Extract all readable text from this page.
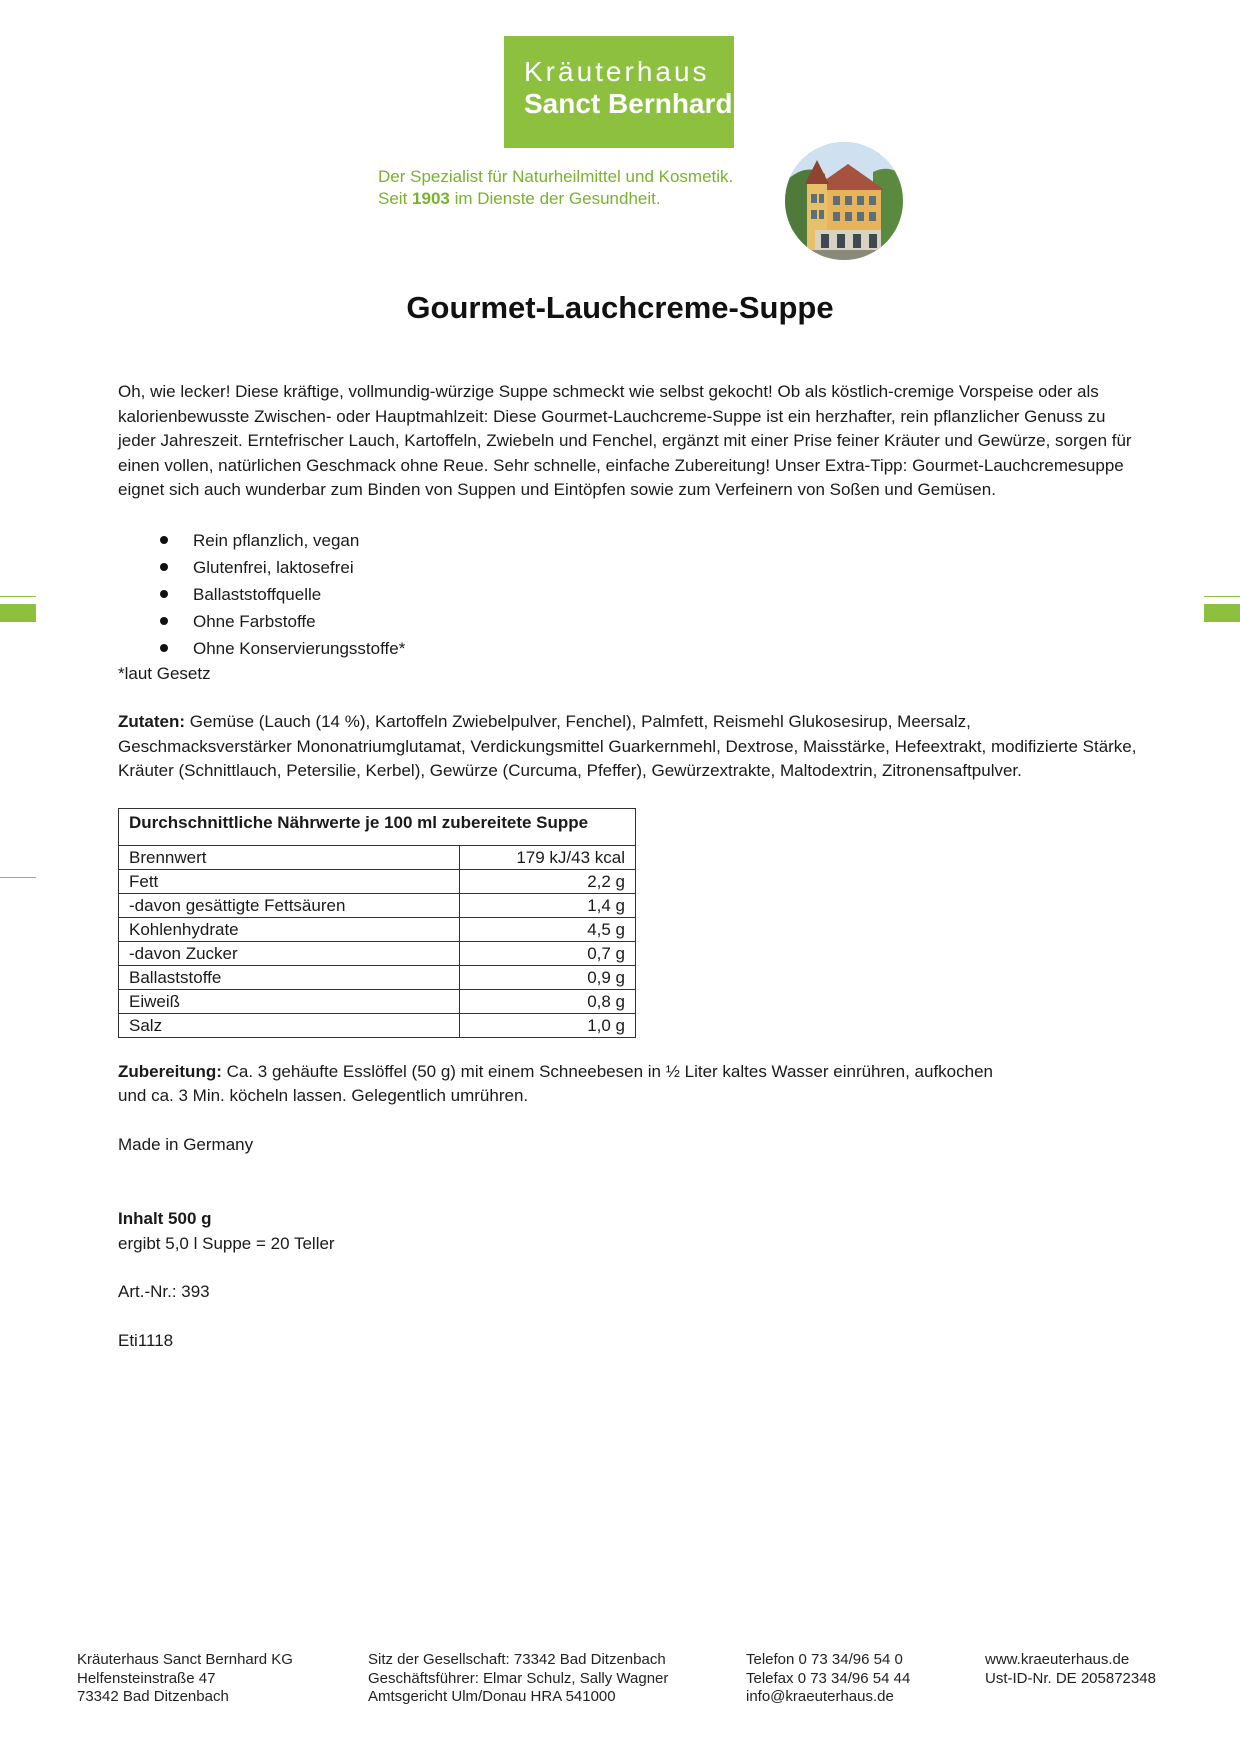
Kräuterhaus
Sanct Bernhard
Der Spezialist für Naturheilmittel und Kosmetik.
Seit 1903 im Dienste der Gesundheit.
Gourmet-Lauchcreme-Suppe

Oh, wie lecker! Diese kräftige, vollmundig-würzige Suppe schmeckt wie selbst gekocht! Ob als köstlich-cremige Vorspeise oder als kalorienbewusste Zwischen- oder Hauptmahlzeit: Diese Gourmet-Lauchcreme-Suppe ist ein herzhafter, rein pflanzlicher Genuss zu jeder Jahreszeit. Erntefrischer Lauch, Kartoffeln, Zwiebeln und Fenchel, ergänzt mit einer Prise feiner Kräuter und Gewürze, sorgen für einen vollen, natürlichen Geschmack ohne Reue. Sehr schnelle, einfache Zubereitung! Unser Extra-Tipp: Gourmet-Lauchcremesuppe eignet sich auch wunderbar zum Binden von Suppen und Eintöpfen sowie zum Verfeinern von Soßen und Gemüsen.

Rein pflanzlich, vegan
Glutenfrei, laktosefrei
Ballaststoffquelle
Ohne Farbstoffe
Ohne Konservierungsstoffe*

*laut Gesetz

Zutaten: Gemüse (Lauch (14 %), Kartoffeln Zwiebelpulver, Fenchel), Palmfett, Reismehl Glukosesirup, Meersalz, Geschmacksverstärker Mononatriumglutamat, Verdickungsmittel Guarkernmehl, Dextrose, Maisstärke, Hefeextrakt, modifizierte Stärke, Kräuter (Schnittlauch, Petersilie, Kerbel), Gewürze (Curcuma, Pfeffer), Gewürzextrakte, Maltodextrin, Zitronensaftpulver.

Durchschnittliche Nährwerte je 100 ml zubereitete Suppe	
Brennwert	179 kJ/43 kcal
Fett	2,2 g
-davon gesättigte Fettsäuren	1,4 g
Kohlenhydrate	4,5 g
-davon Zucker	0,7 g
Ballaststoffe	0,9 g
Eiweiß	0,8 g
Salz	1,0 g

Zubereitung: Ca. 3 gehäufte Esslöffel (50 g) mit einem Schneebesen in ½ Liter kaltes Wasser einrühren, aufkochen
und ca. 3 Min. köcheln lassen. Gelegentlich umrühren.

Made in Germany

Inhalt 500 g

ergibt 5,0 l Suppe = 20 Teller

Art.-Nr.: 393

Eti1118

Kräuterhaus Sanct Bernhard KG
Helfensteinstraße 47
73342 Bad Ditzenbach
Sitz der Gesellschaft: 73342 Bad Ditzenbach
Geschäftsführer: Elmar Schulz, Sally Wagner
Amtsgericht Ulm/Donau HRA 541000
Telefon 0 73 34/96 54 0
Telefax 0 73 34/96 54 44
info@kraeuterhaus.de
www.kraeuterhaus.de
Ust-ID-Nr. DE 205872348
